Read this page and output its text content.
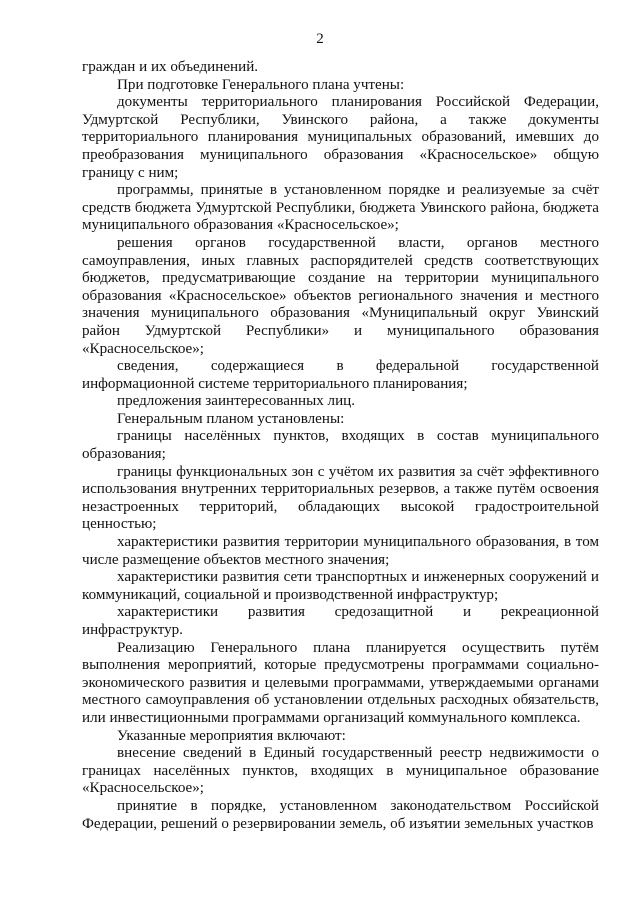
2

граждан и их объединений.

При подготовке Генерального плана учтены:

документы территориального планирования Российской Федерации, Удмуртской Республики, Увинского района, а также документы территориального планирования муниципальных образований, имевших до преобразования муниципального образования «Красносельское» общую границу с ним;

программы, принятые в установленном порядке и реализуемые за счёт средств бюджета Удмуртской Республики, бюджета Увинского района, бюджета муниципального образования «Красносельское»;

решения органов государственной власти, органов местного самоуправления, иных главных распорядителей средств соответствующих бюджетов, предусматривающие создание на территории муниципального образования «Красносельское» объектов регионального значения и местного значения муниципального образования «Муниципальный округ Увинский район Удмуртской Республики» и муниципального образования «Красносельское»;

сведения, содержащиеся в федеральной государственной информационной системе территориального планирования;

предложения заинтересованных лиц.

Генеральным планом установлены:

границы населённых пунктов, входящих в состав муниципального образования;

границы функциональных зон с учётом их развития за счёт эффективного использования внутренних территориальных резервов, а также путём освоения незастроенных территорий, обладающих высокой градостроительной ценностью;

характеристики развития территории муниципального образования, в том числе размещение объектов местного значения;

характеристики развития сети транспортных и инженерных сооружений и коммуникаций, социальной и производственной инфраструктур;

характеристики развития средозащитной и рекреационной инфраструктур.

Реализацию Генерального плана планируется осуществить путём выполнения мероприятий, которые предусмотрены программами социально-экономического развития и целевыми программами, утверждаемыми органами местного самоуправления об установлении отдельных расходных обязательств, или инвестиционными программами организаций коммунального комплекса.

Указанные мероприятия включают:

внесение сведений в Единый государственный реестр недвижимости о границах населённых пунктов, входящих в муниципальное образование «Красносельское»;

принятие в порядке, установленном законодательством Российской Федерации, решений о резервировании земель, об изъятии земельных участков
